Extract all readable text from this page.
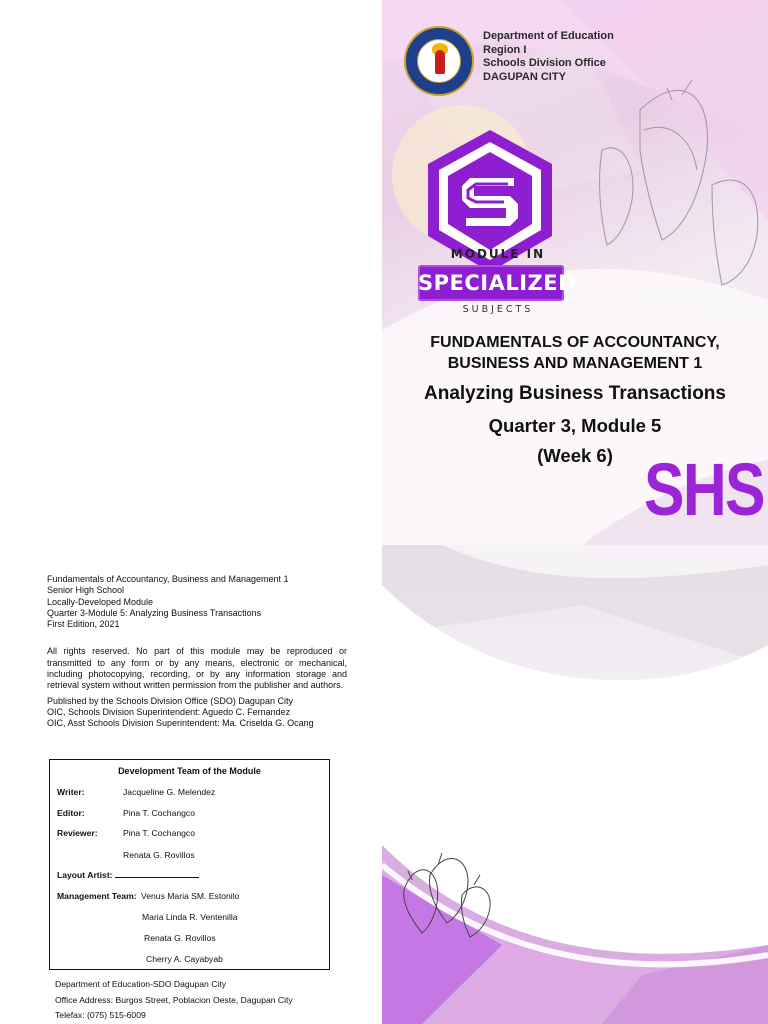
Department of Education
Region I
Schools Division Office
DAGUPAN CITY
MODULE IN
SPECIALIZED
SUBJECTS
FUNDAMENTALS OF ACCOUNTANCY,
BUSINESS AND MANAGEMENT 1
Analyzing Business Transactions
Quarter 3, Module 5
(Week 6) SHS
Fundamentals of Accountancy, Business and Management 1
Senior High School
Locally-Developed Module
Quarter 3-Module 5: Analyzing Business Transactions
First Edition, 2021
All rights reserved. No part of this module may be reproduced or transmitted to any form or by any means, electronic or mechanical, including photocopying, recording, or by any information storage and retrieval system without written permission from the publisher and authors.
Published by the Schools Division Office (SDO) Dagupan City
OIC, Schools Division Superintendent: Aguedo C. Fernandez
OIC, Asst Schools Division Superintendent: Ma. Criselda G. Ocang
Development Team of the Module
Writer:	Jacqueline G. Melendez
Editor:	Pina T. Cochangco
Reviewer:	Pina T. Cochangco
Renata G. Rovillos
Layout Artist:
Management Team: Venus Maria SM. Estonilo
Maria Linda R. Ventenilla
Renata G. Rovillos
Cherry A. Cayabyab
Department of Education-SDO Dagupan City
Office Address: Burgos Street, Poblacion Oeste, Dagupan City
Telefax: (075) 515-6009
